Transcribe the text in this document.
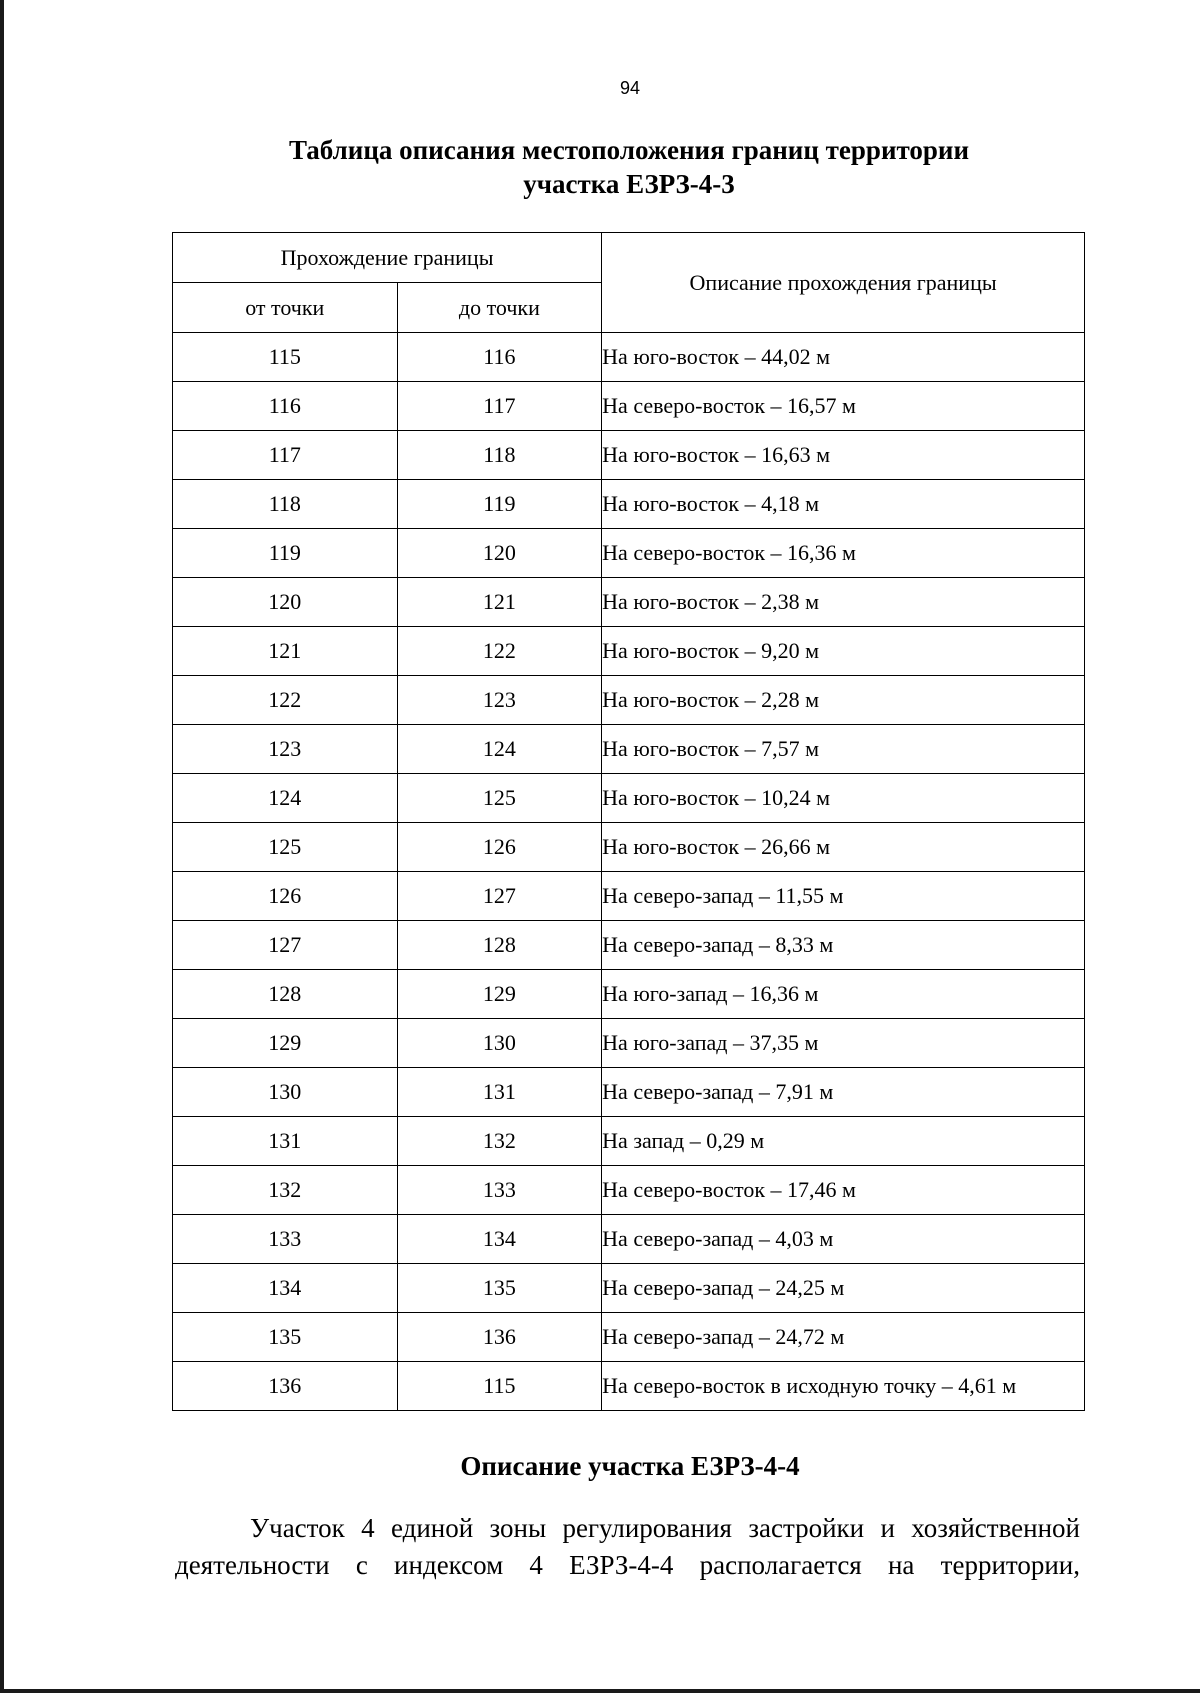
94
Таблица описания местоположения границ территории
участка ЕЗРЗ-4-3
Прохождение границы		Описание прохождения границы
от точки	до точки	
115	116	На юго-восток – 44,02 м
116	117	На северо-восток – 16,57 м
117	118	На юго-восток – 16,63 м
118	119	На юго-восток – 4,18 м
119	120	На северо-восток – 16,36 м
120	121	На юго-восток – 2,38 м
121	122	На юго-восток – 9,20 м
122	123	На юго-восток – 2,28 м
123	124	На юго-восток – 7,57 м
124	125	На юго-восток – 10,24 м
125	126	На юго-восток – 26,66 м
126	127	На северо-запад – 11,55 м
127	128	На северо-запад – 8,33 м
128	129	На юго-запад – 16,36 м
129	130	На юго-запад – 37,35 м
130	131	На северо-запад – 7,91 м
131	132	На запад – 0,29 м
132	133	На северо-восток – 17,46 м
133	134	На северо-запад – 4,03 м
134	135	На северо-запад – 24,25 м
135	136	На северо-запад – 24,72 м
136	115	На северо-восток в исходную точку – 4,61 м
Описание участка ЕЗРЗ-4-4
Участок 4 единой зоны регулирования застройки и хозяйственной деятельности с индексом 4 ЕЗРЗ-4-4 располагается на территории,
